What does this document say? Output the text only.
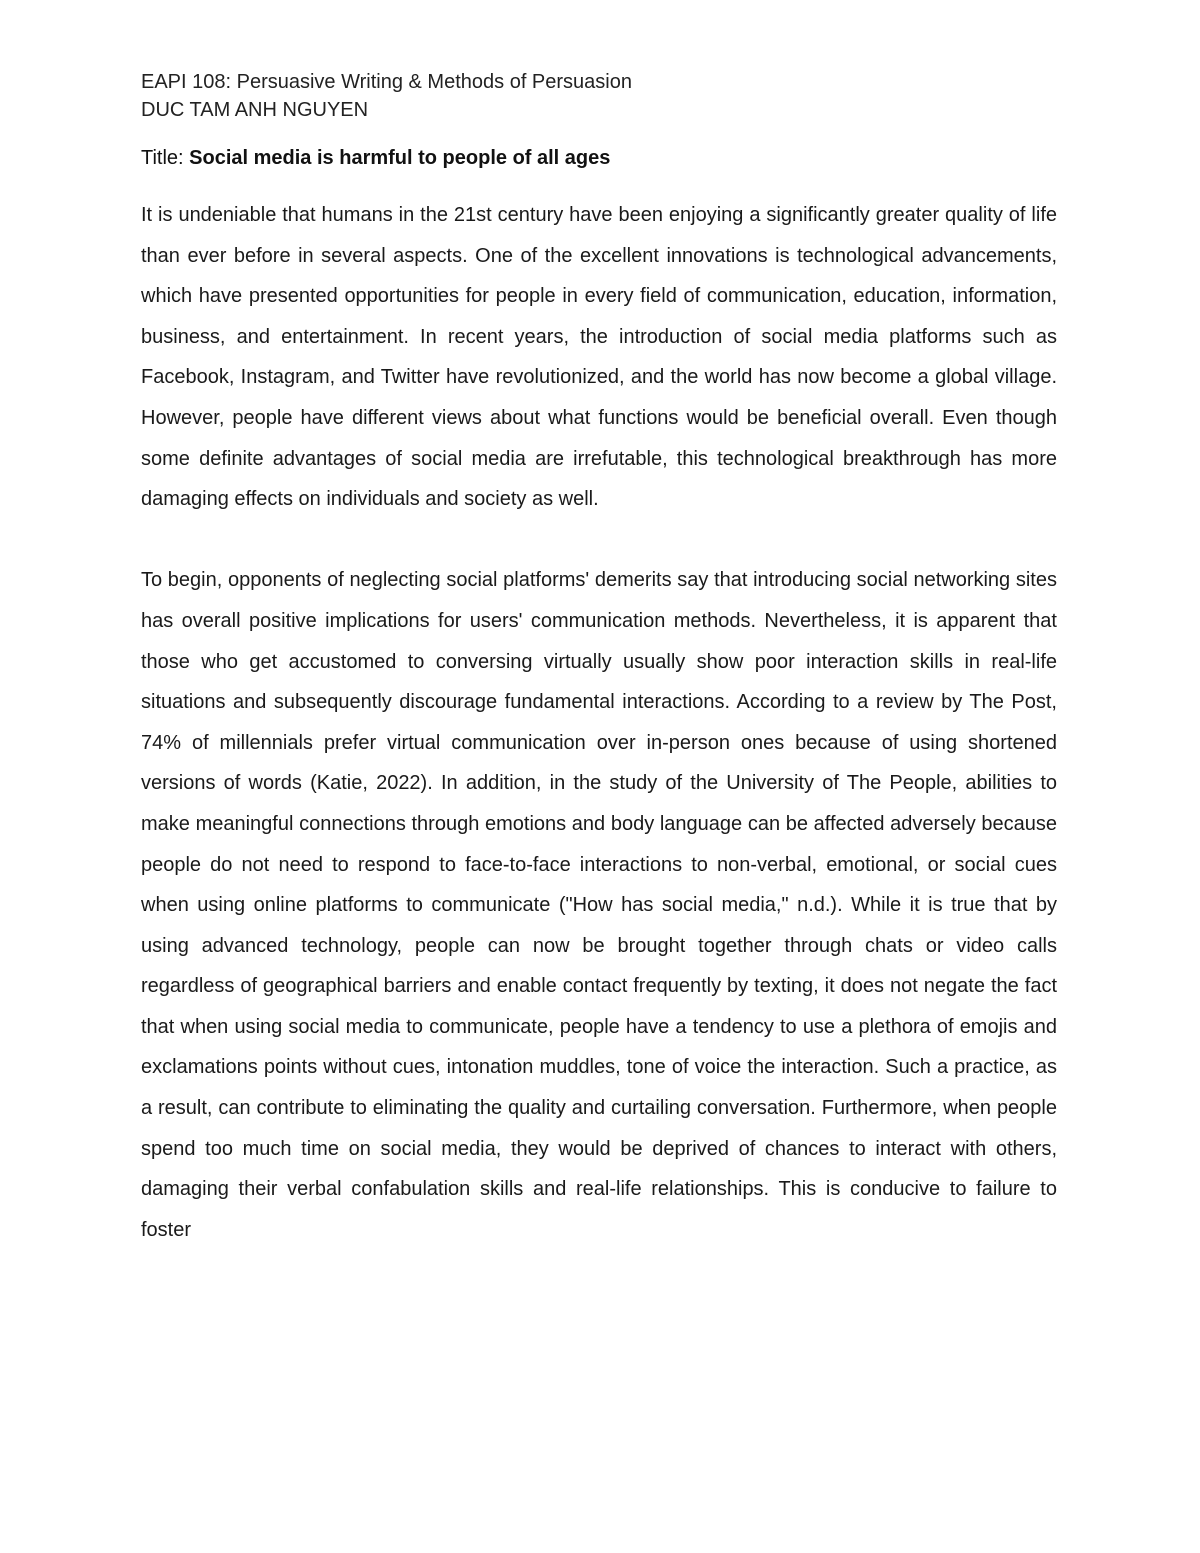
EAPI 108: Persuasive Writing & Methods of Persuasion

DUC TAM ANH NGUYEN

Title: Social media is harmful to people of all ages

It is undeniable that humans in the 21st century have been enjoying a significantly greater quality of life than ever before in several aspects. One of the excellent innovations is technological advancements, which have presented opportunities for people in every field of communication, education, information, business, and entertainment. In recent years, the introduction of social media platforms such as Facebook, Instagram, and Twitter have revolutionized, and the world has now become a global village. However, people have different views about what functions would be beneficial overall. Even though some definite advantages of social media are irrefutable, this technological breakthrough has more damaging effects on individuals and society as well.

To begin, opponents of neglecting social platforms' demerits say that introducing social networking sites has overall positive implications for users' communication methods. Nevertheless, it is apparent that those who get accustomed to conversing virtually usually show poor interaction skills in real-life situations and subsequently discourage fundamental interactions. According to a review by The Post, 74% of millennials prefer virtual communication over in-person ones because of using shortened versions of words (Katie, 2022). In addition, in the study of the University of The People, abilities to make meaningful connections through emotions and body language can be affected adversely because people do not need to respond to face-to-face interactions to non-verbal, emotional, or social cues when using online platforms to communicate ("How has social media," n.d.). While it is true that by using advanced technology, people can now be brought together through chats or video calls regardless of geographical barriers and enable contact frequently by texting, it does not negate the fact that when using social media to communicate, people have a tendency to use a plethora of emojis and exclamations points without cues, intonation muddles, tone of voice the interaction. Such a practice, as a result, can contribute to eliminating the quality and curtailing conversation. Furthermore, when people spend too much time on social media, they would be deprived of chances to interact with others, damaging their verbal confabulation skills and real-life relationships. This is conducive to failure to foster
